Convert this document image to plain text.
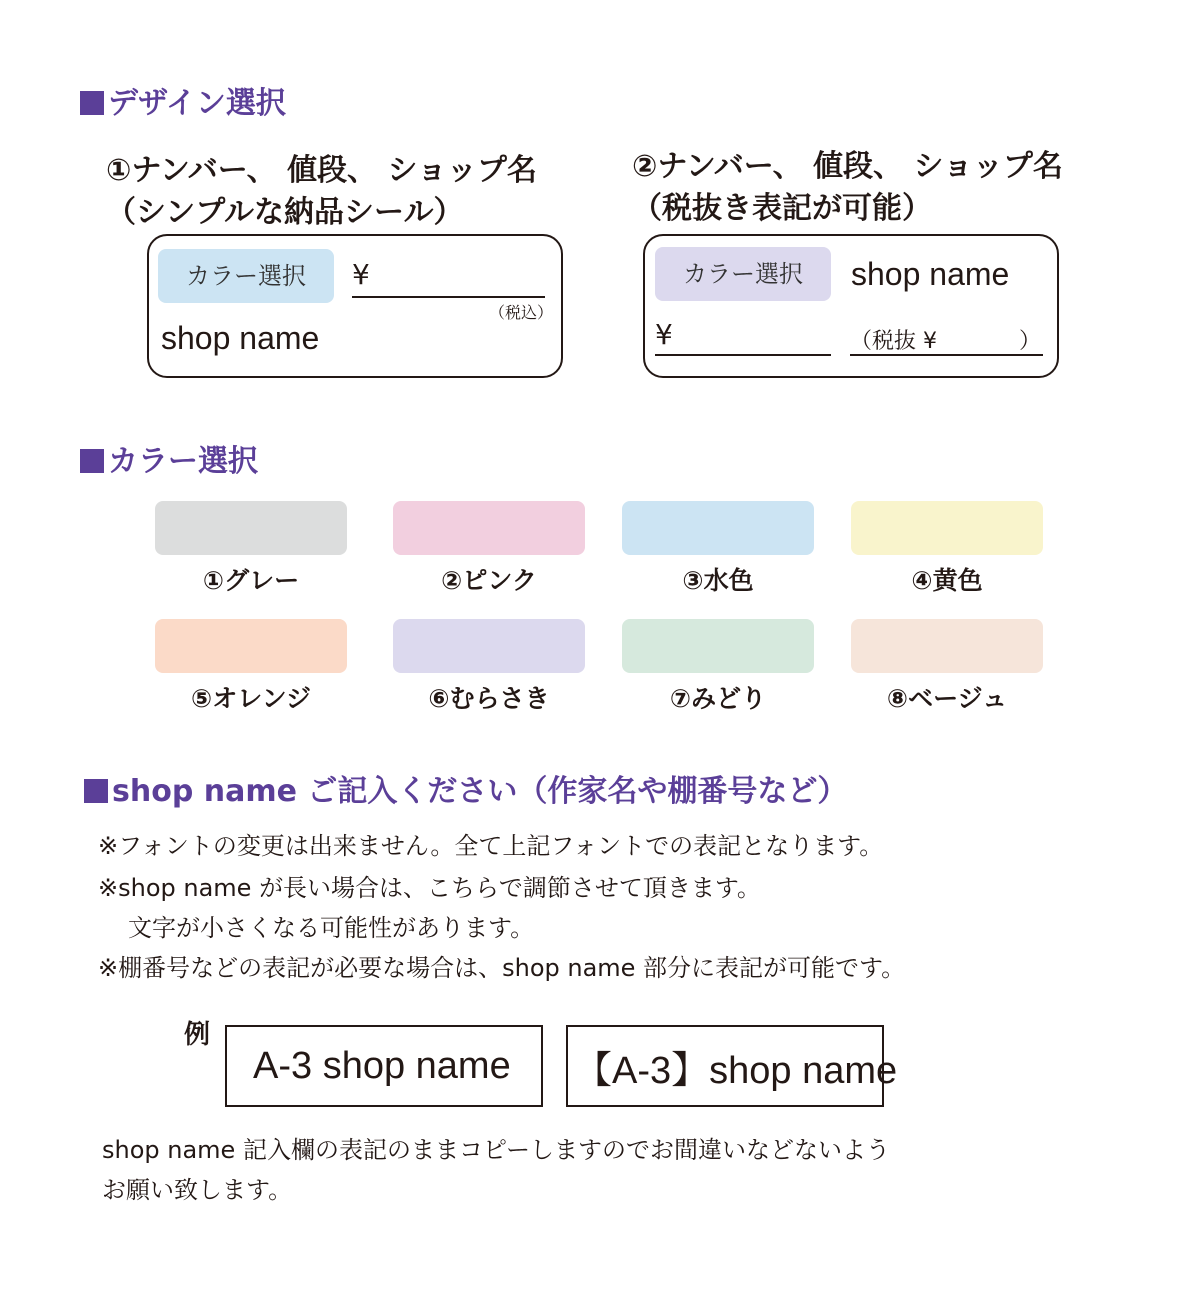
デザイン選択
①ナンバー、 値段、 ショップ名
（シンプルな納品シール）
②ナンバー、 値段、 ショップ名
（税抜き表記が可能）
カラー選択	¥
（税込）
shop name
カラー選択	shop name
¥	（税抜 ¥	）
カラー選択
①グレー	②ピンク	③水色	④黄色
⑤オレンジ	⑥むらさき	⑦みどり	⑧ベージュ
shop name ご記入ください（作家名や棚番号など）
※フォントの変更は出来ません。全て上記フォントでの表記となります。
※shop name が長い場合は、こちらで調節させて頂きます。
文字が小さくなる可能性があります。
※棚番号などの表記が必要な場合は、shop name 部分に表記が可能です。
例
A-3 shop name	【A-3】shop name
shop name 記入欄の表記のままコピーしますのでお間違いなどないよう
お願い致します。
